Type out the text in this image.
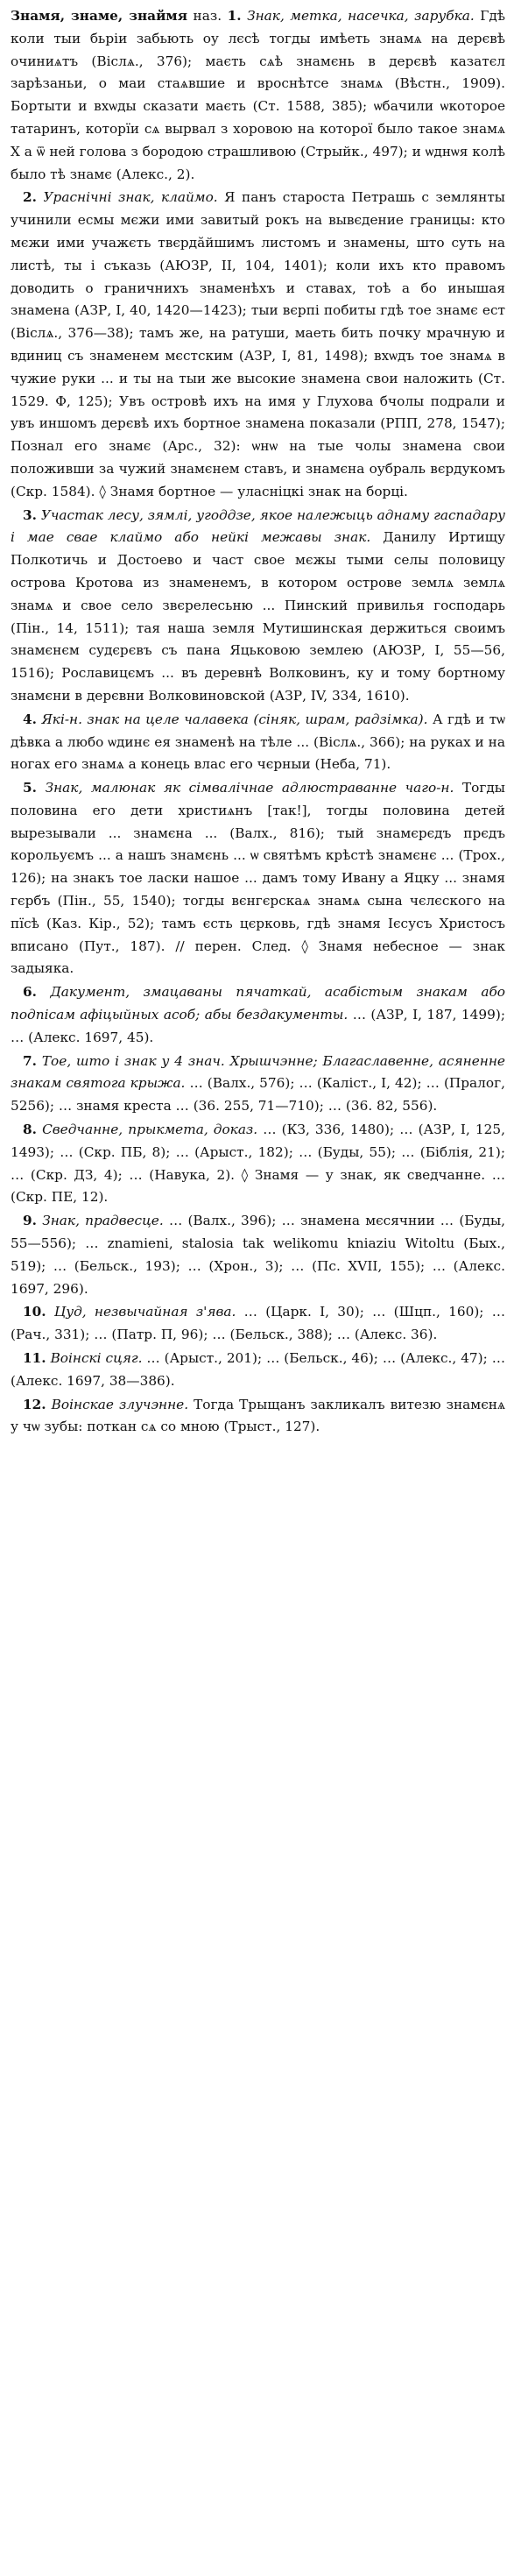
Знамя, знаме, знаймя наз. 1. Знак, метка, насечка, зарубка. Гдѣ коли тыи бьріи забьють оу лєсѣ тогды имѣеть знамѧ на дерєвѣ очиниѧтъ (Віслѧ., 376); маєть сѧѣ знамєнь в дерєвѣ казатєл зарѣзаньи, о маи стаѧвшие и вроснѣтсе знамѧ (Вѣстн., 1909). Бортыти и вхѡды сказати маєть (Ст. 1588, 385); ѡбачили ѡкоторое татаринъ, которїи сѧ вырвал з хоровою на которої было такое знамѧ X а ѿ ней голова з бородою страшливою (Стрыйк., 497); и ѡднѡя колѣ было тѣ знамє (Алекс., 2).

2. Ураснічні знак, клаймо. Я панъ староста Петрашь с землянты учинили есмы мєжи ими завитый рокъ на вывєдение границы: кто мєжи ими учажєть твєрдӑйшимъ листомъ и знамены, што суть на листѣ, ты і съказь (АЮЗР, II, 104, 1401); коли ихъ кто правомъ доводить о граничнихъ знаменѣхъ и ставах, тоѣ а бо инышая знамена (АЗР, I, 40, 1420—1423); тыи вєрпі побиты гдѣ тое знамє ест (Віслѧ., 376—38); тамъ же, на ратуши, маеть бить почку мрачную и вдиниц съ знаменем мєстским (АЗР, I, 81, 1498); вхѡдъ тое знамѧ в чужие руки ... и ты на тыи же высокие знамена свои наложить (Ст. 1529. Ф, 125); Увъ островѣ ихъ на имя у Глухова бчолы подрали и увъ иншомъ дерєвѣ ихъ бортное знамена показали (РПП, 278, 1547); Познал его знамє (Арс., 32): ѡнѡ на тые чолы знамена свои положивши за чужий знамєнем ставъ, и знамєна оубраль вєрдукомъ (Скр. 1584). ◊ Знамя бортное — уласніцкі знак на борці.

3. Участак лесу, зямлі, угоддзе, якое належыць аднаму гаспадару і мае свае клаймо або нейкі межавы знак. Данилу Иртищу Полкотичь и Достоево и част свое мєжы тыми селы половицу острова Кротова из знаменемъ, в котором острове землѧ землѧ знамѧ и свое село звєрелесьню ... Пинский привилья господарь (Пін., 14, 1511); тая наша земля Мутишинская держиться своимъ знамєнєм судєрєвъ съ пана Яцьковою землею (АЮЗР, I, 55—56, 1516); Рославицємъ ... въ деревнѣ Волковинъ, ку и тому бортному знамєни в дерєвни Волковиновской (АЗР, IV, 334, 1610).

4. Які-н. знак на целе чалавека (сіняк, шрам, радзімка). А гдѣ и тѡ дѣвка а любо ѡдинє ея знаменѣ на тѣле ... (Віслѧ., 366); на руках и на ногах его знамѧ а конець влас его чєрныи (Неба, 71).

5. Знак, малюнак як сімвалічнае адлюстраванне чаго-н. Тогды половина его дети христиѧнъ [так!], тогды половина детей вырезывали ... знамєна ... (Валх., 816); тый знамєрєдъ прєдъ корольуємъ ... а нашъ знамєнь ... ѡ святѣмъ крѣстѣ знамєнє ... (Трох., 126); на знакъ тое ласки нашое ... дамъ тому Ивану а Яцку ... знамя гєрбъ (Пін., 55, 1540); тогды вєнгєрскаѧ знамѧ сына чєлєского на пїсѣ (Каз. Кір., 52); тамъ єсть цєрковь, гдѣ знамя Ієсусъ Христосъ вписано (Пут., 187). // перен. След. ◊ Знамя небесное — знак задыяка.

6. Дакумент, змацаваны пячаткай, асабістым знакам або подпісам афіцыйных асоб; абы бездакументы. … (АЗР, I, 187, 1499); … (Алекс. 1697, 45).

7. Тое, што і знак у 4 знач. Хрышчэнне; Благаславенне, асяненне знакам святога крыжа. … (Валх., 576); … (Каліст., I, 42); … (Пралог, 5256); … знамя креста … (36. 255, 71—710); … (36. 82, 556).

8. Сведчанне, прыкмета, доказ. … (КЗ, 336, 1480); … (АЗР, I, 125, 1493); … (Скр. ПБ, 8); … (Арыст., 182); … (Буды, 55); … (Біблія, 21); … (Скр. ДЗ, 4); … (Навука, 2). ◊ Знамя — у знак, як сведчанне. … (Скр. ПЕ, 12).

9. Знак, прадвесце. … (Валх., 396); … знамена мєсячнии … (Буды, 55—556); … znamieni, stalosia tak welikomu kniaziu Witoltu (Бых., 519); … (Бельск., 193); … (Хрон., 3); … (Пс. XVII, 155); … (Алекс. 1697, 296).

10. Цуд, незвычайная з'ява. … (Царк. I, 30); … (Шцп., 160); … (Рач., 331); … (Патр. П, 96); … (Бельск., 388); … (Алекс. 36).

11. Воінскі сцяг. … (Арыст., 201); … (Бельск., 46); … (Алекс., 47); … (Алекс. 1697, 38—386).

12. Воінскае злучэнне. Тогда Трыщанъ закликалъ витезю знамєнѧ у чѡ зубы: поткан сѧ со мною (Трыст., 127).
